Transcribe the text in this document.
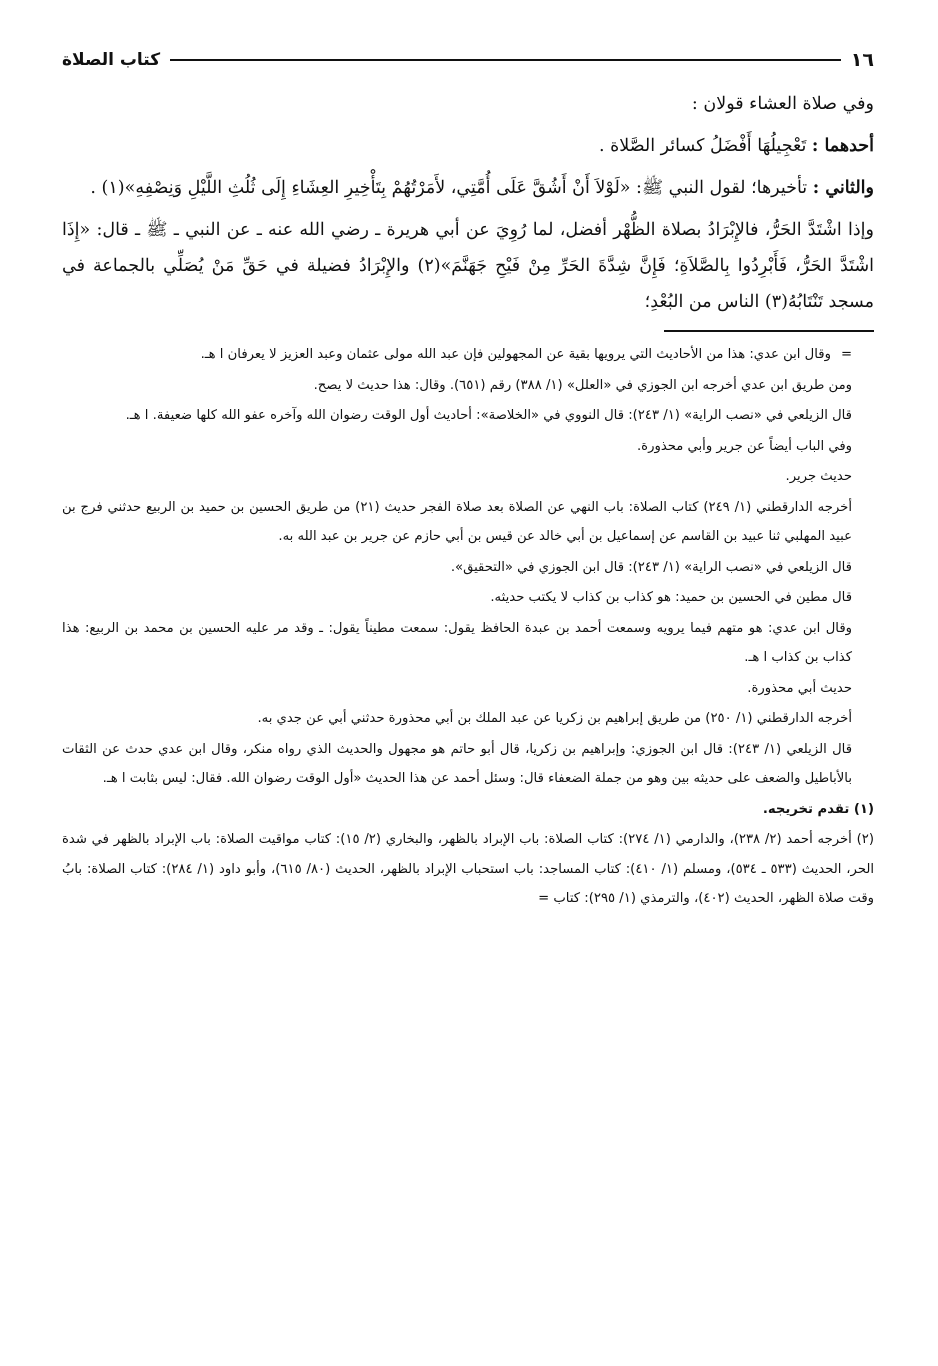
كتاب الصلاة	١٦

وفي صلاة العشاء قولان :

أحدهما : تَعْجِيلُهَا أَفْضَلُ كسائر الصَّلاة .

والثاني : تأخيرها؛ لقول النبي ﷺ: «لَوْلاَ أَنْ أَشُقَّ عَلَى أُمَّتِي، لأَمَرْتُهُمْ بِتَأْخِيرِ العِشَاءِ إِلَى ثُلُثِ اللَّيْلِ وَنِصْفِهِ»(١) .

وإذا اشْتَدَّ الحَرُّ، فالإِبْرَادُ بصلاة الظُّهْر أفضل، لما رُوِيَ عن أبي هريرة ـ رضي الله عنه ـ عن النبي ـ ﷺ ـ قال: «إِذَا اشْتَدَّ الحَرُّ، فَأَبْرِدُوا بِالصَّلاَةِ؛ فَإِنَّ شِدَّةَ الحَرِّ مِنْ فَيْحِ جَهَنَّمَ»(٢) والإِبْرَادُ فضيلة في حَقِّ مَنْ يُصَلِّي بالجماعة في مسجد تَنْتَابُهُ(٣) الناس من البُعْدِ؛

=
وقال ابن عدي: هذا من الأحاديث التي يرويها بقية عن المجهولين فإن عبد الله مولى عثمان وعبد العزيز لا يعرفان ا هـ.

ومن طريق ابن عدي أخرجه ابن الجوزي في «العلل» (١/ ٣٨٨) رقم (٦٥١). وقال: هذا حديث لا يصح.

قال الزيلعي في «نصب الراية» (١/ ٢٤٣): قال النووي في «الخلاصة»: أحاديث أول الوقت رضوان الله وآخره عفو الله كلها ضعيفة. ا هـ.

وفي الباب أيضاً عن جرير وأبي محذورة.

حديث جرير.

أخرجه الدارقطني (١/ ٢٤٩) كتاب الصلاة: باب النهي عن الصلاة بعد صلاة الفجر حديث (٢١) من طريق الحسين بن حميد بن الربيع حدثني فرج بن عبيد المهلبي ثنا عبيد بن القاسم عن إسماعيل بن أبي خالد عن قيس بن أبي حازم عن جرير بن عبد الله به.

قال الزيلعي في «نصب الراية» (١/ ٢٤٣): قال ابن الجوزي في «التحقيق».

قال مطين في الحسين بن حميد: هو كذاب بن كذاب لا يكتب حديثه.

وقال ابن عدي: هو متهم فيما يرويه وسمعت أحمد بن عبدة الحافظ يقول: سمعت مطيناً يقول: ـ وقد مر عليه الحسين بن محمد بن الربيع: هذا كذاب بن كذاب ا هـ.

حديث أبي محذورة.

أخرجه الدارقطني (١/ ٢٥٠) من طريق إبراهيم بن زكريا عن عبد الملك بن أبي محذورة حدثني أبي عن جدي به.

قال الزيلعي (١/ ٢٤٣): قال ابن الجوزي: وإبراهيم بن زكريا، قال أبو حاتم هو مجهول والحديث الذي رواه منكر، وقال ابن عدي حدث عن الثقات بالأباطيل والضعف على حديثه بين وهو من جملة الضعفاء قال: وسئل أحمد عن هذا الحديث «أول الوقت رضوان الله. فقال: ليس بثابت ا هـ.

(١) تقدم تخريجه.

(٢) أخرجه أحمد (٢/ ٢٣٨)، والدارمي (١/ ٢٧٤): كتاب الصلاة: باب الإبراد بالظهر، والبخاري (٢/ ١٥): كتاب مواقيت الصلاة: باب الإبراد بالظهر في شدة الحر، الحديث (٥٣٣ ـ ٥٣٤)، ومسلم (١/ ٤١٠): كتاب المساجد: باب استحباب الإبراد بالظهر، الحديث (٨٠/ ٦١٥)، وأبو داود (١/ ٢٨٤): كتاب الصلاة: بابُ وقت صلاة الظهر، الحديث (٤٠٢)، والترمذي (١/ ٢٩٥): كتاب =
